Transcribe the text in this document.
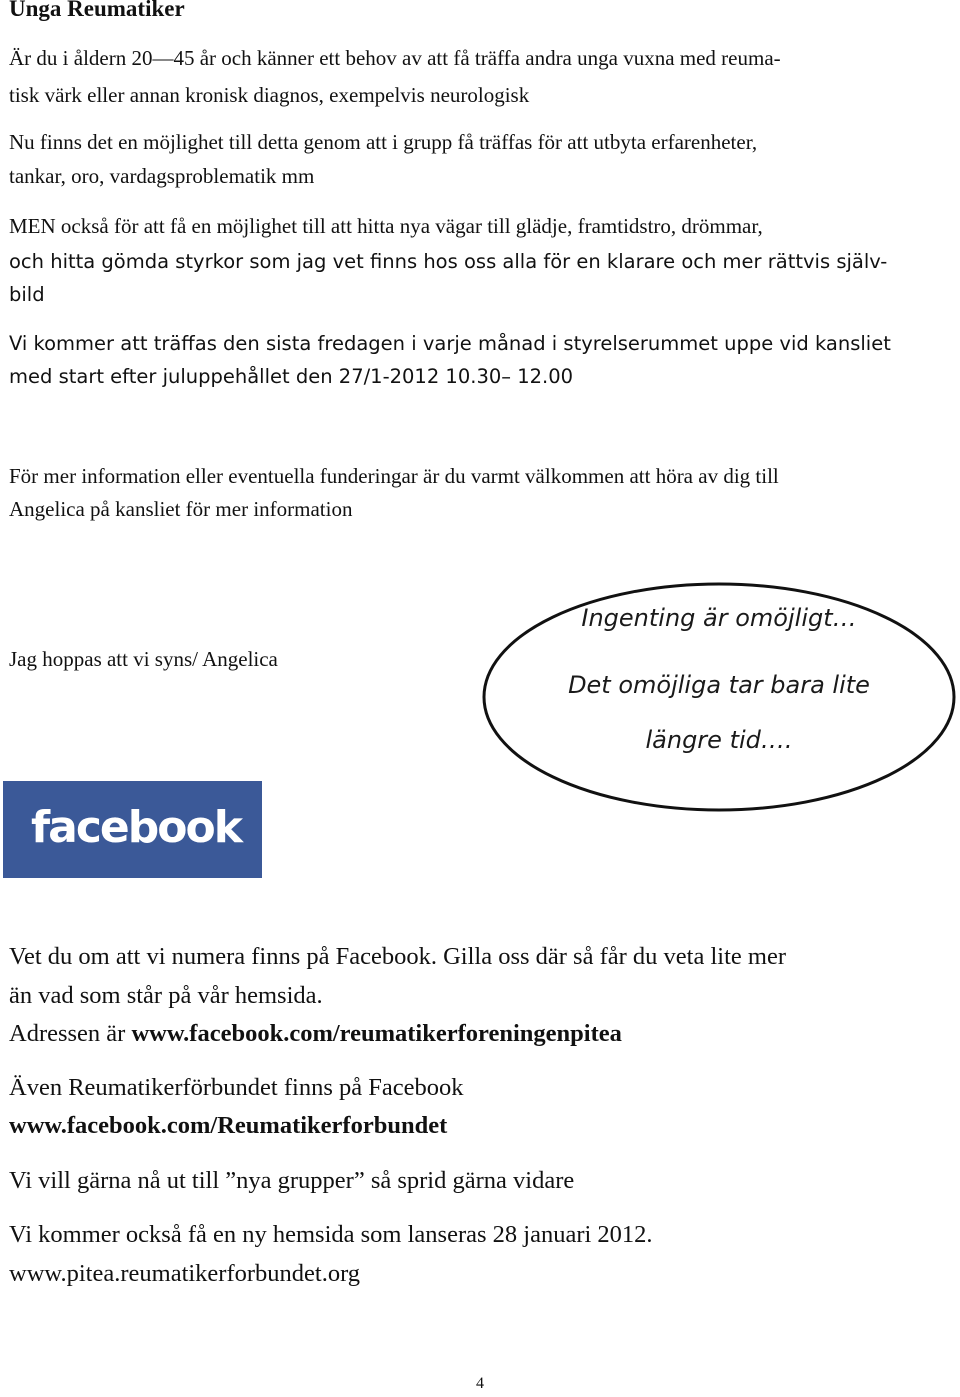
Unga Reumatiker
Är du i åldern 20—45 år och känner ett behov av att få träffa andra unga vuxna med reuma-
tisk värk eller annan kronisk diagnos, exempelvis neurologisk
Nu finns det en möjlighet till detta genom att i grupp få träffas för att utbyta erfarenheter,
tankar, oro, vardagsproblematik mm
MEN också för att få en möjlighet till att hitta nya vägar till glädje, framtidstro, drömmar,
och hitta gömda styrkor som jag vet finns hos oss alla för en klarare och mer rättvis själv-
bild
Vi kommer att träffas den sista fredagen i varje månad i styrelserummet uppe vid kansliet
med start efter juluppehållet den 27/1-2012 10.30– 12.00
För mer information eller eventuella funderingar är du varmt välkommen att höra av dig till
Angelica på kansliet för mer information
Jag hoppas att vi syns/ Angelica
Ingenting är omöjligt…
Det omöjliga tar bara lite
längre tid….
facebook
Vet du om att vi numera finns på Facebook. Gilla oss där så får du veta lite mer
än vad som står på vår hemsida.
Adressen är www.facebook.com/reumatikerforeningenpitea
Även Reumatikerförbundet finns på Facebook
www.facebook.com/Reumatikerforbundet
Vi vill gärna nå ut till ”nya grupper” så sprid gärna vidare
Vi kommer också få en ny hemsida som lanseras 28 januari 2012.
www.pitea.reumatikerforbundet.org
4
